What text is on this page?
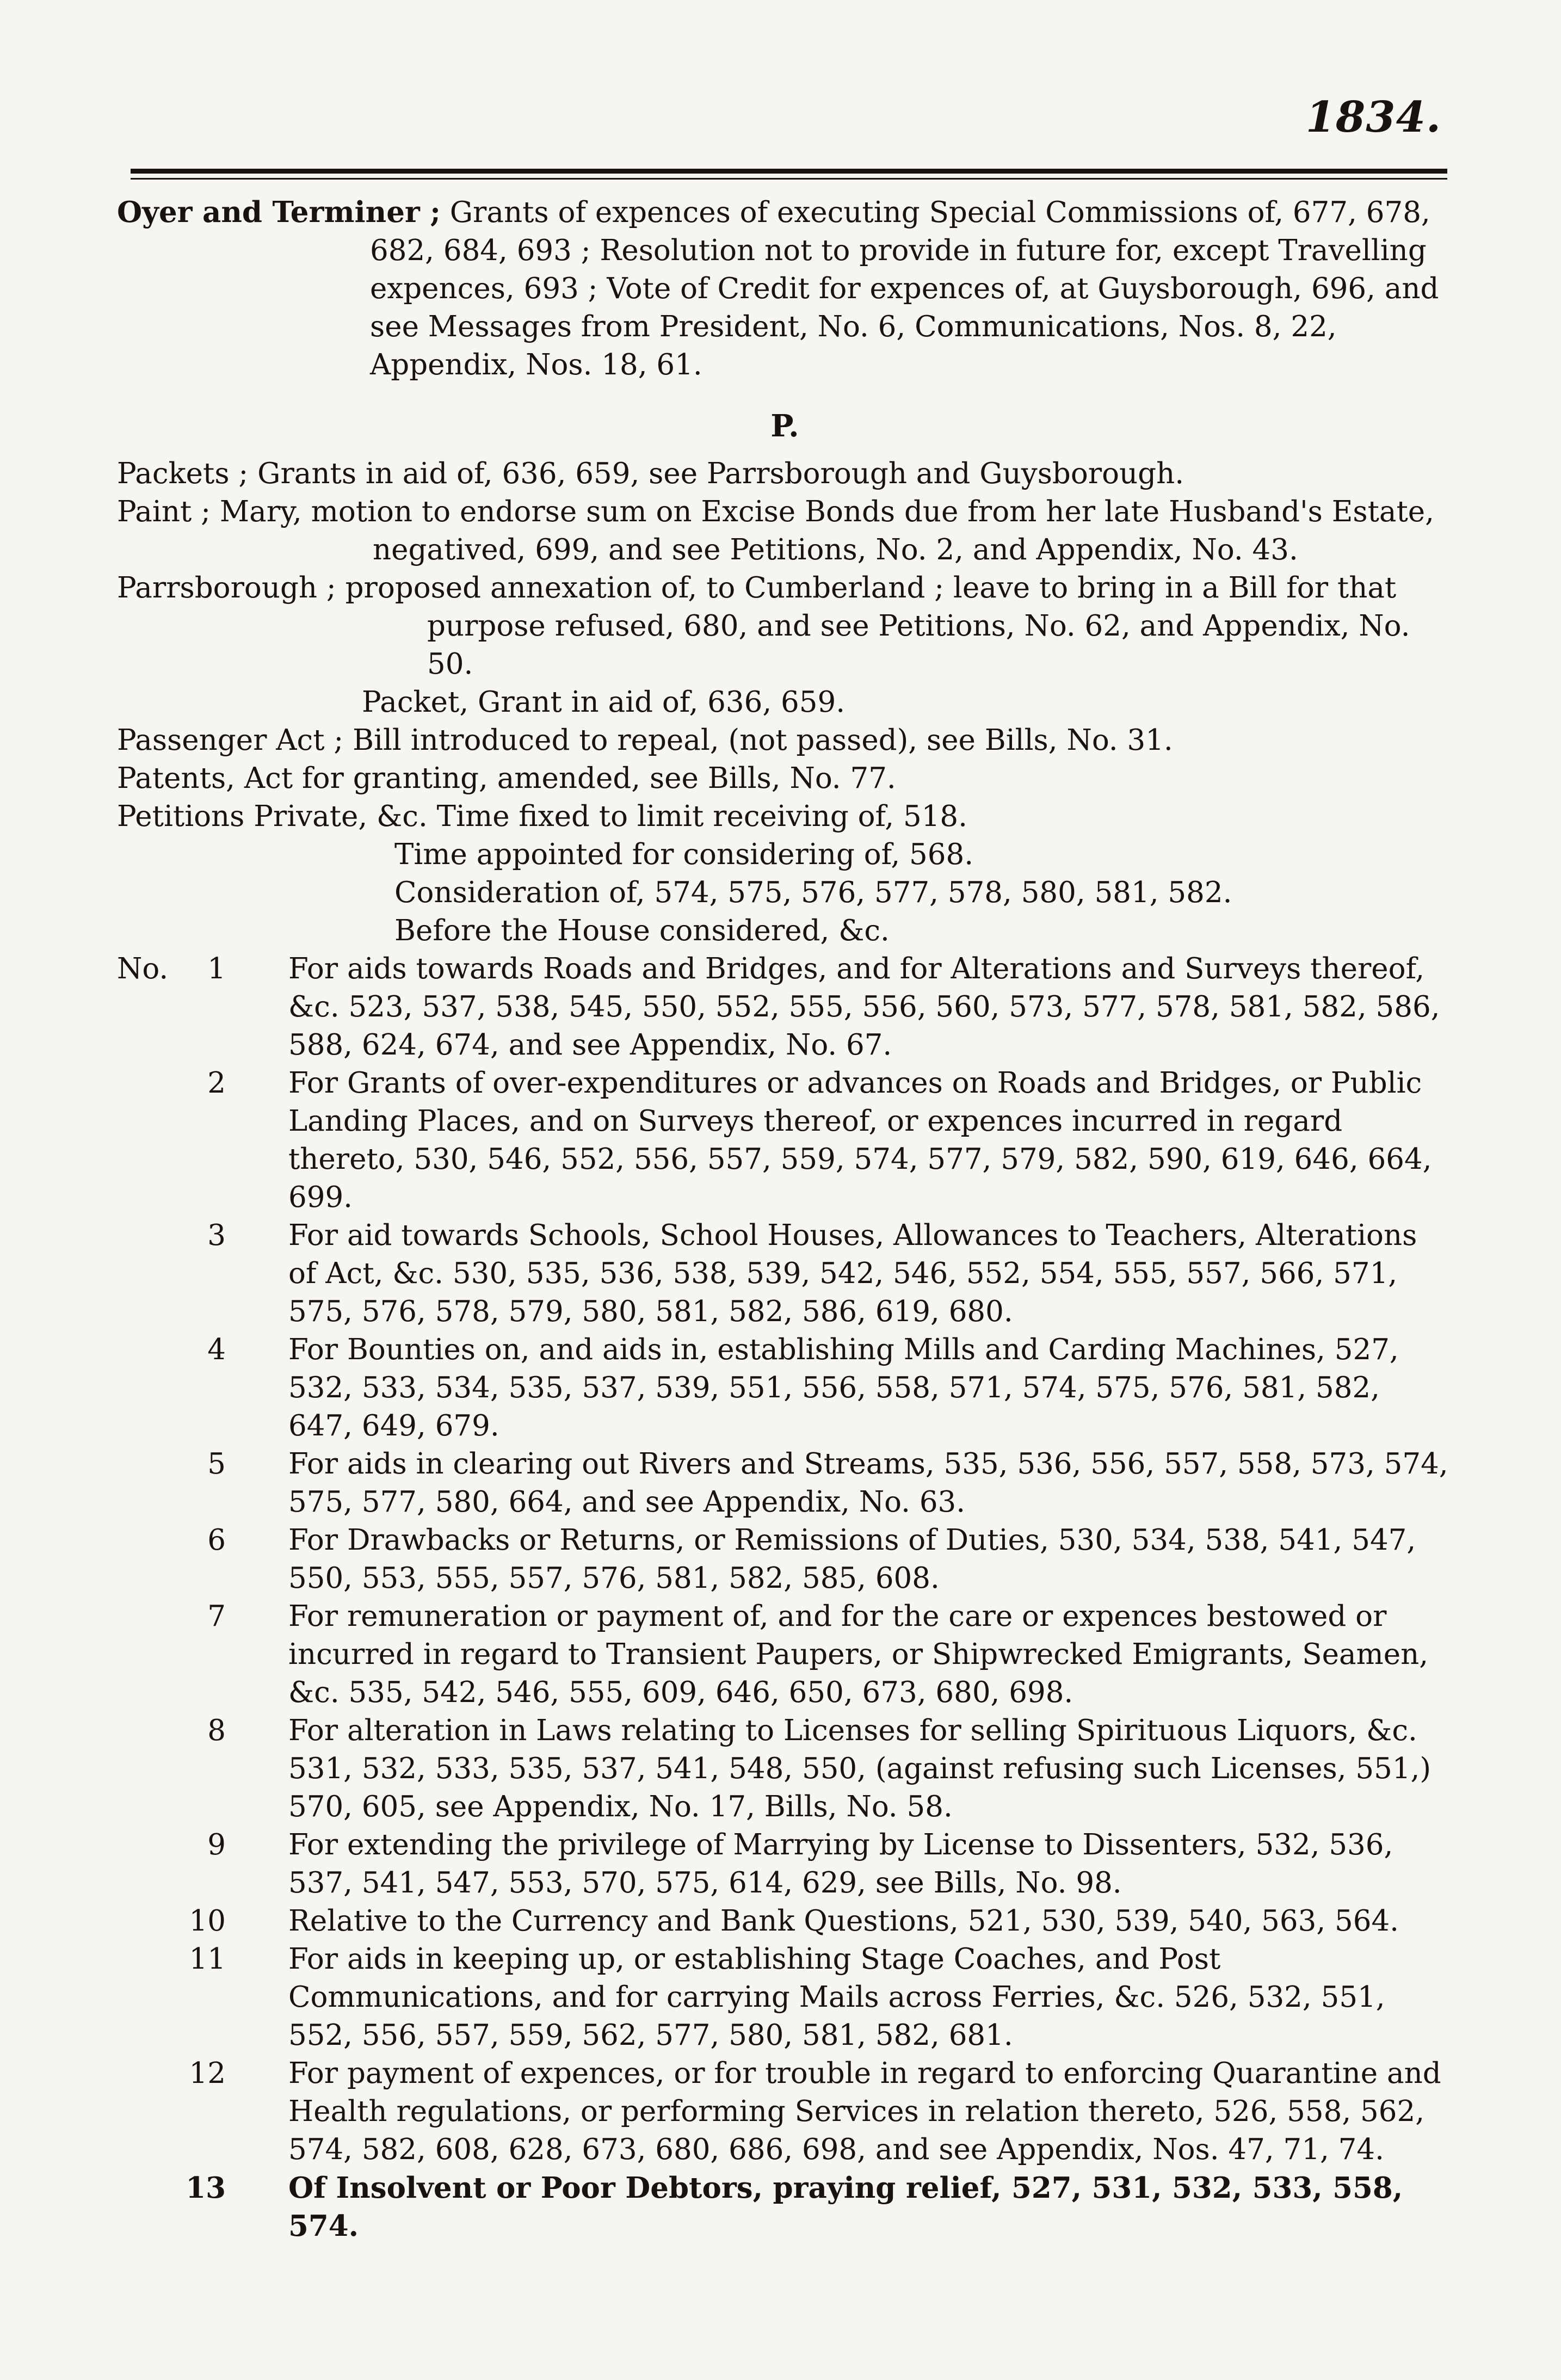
1834.

Oyer and Terminer ; Grants of expences of executing Special Commissions of, 677, 678, 682, 684, 693 ; Resolution not to provide in future for, except Travelling expences, 693 ; Vote of Credit for expences of, at Guysborough, 696, and see Messages from President, No. 6, Communications, Nos. 8, 22, Appendix, Nos. 18, 61.

P.

Packets ; Grants in aid of, 636, 659, see Parrsborough and Guysborough.

Paint ; Mary, motion to endorse sum on Excise Bonds due from her late Husband's Estate, negatived, 699, and see Petitions, No. 2, and Appendix, No. 43.

Parrsborough ; proposed annexation of, to Cumberland ; leave to bring in a Bill for that purpose refused, 680, and see Petitions, No. 62, and Appendix, No. 50.

Packet, Grant in aid of, 636, 659.

Passenger Act ; Bill introduced to repeal, (not passed), see Bills, No. 31.

Patents, Act for granting, amended, see Bills, No. 77.

Petitions Private, &c. Time fixed to limit receiving of, 518.

Time appointed for considering of, 568.

Consideration of, 574, 575, 576, 577, 578, 580, 581, 582.

Before the House considered, &c.

No.	1 For aids towards Roads and Bridges, and for Alterations and Surveys thereof, &c. 523, 537, 538, 545, 550, 552, 555, 556, 560, 573, 577, 578, 581, 582, 586, 588, 624, 674, and see Appendix, No. 67.
2 For Grants of over-expenditures or advances on Roads and Bridges, or Public Landing Places, and on Surveys thereof, or expences incurred in regard thereto, 530, 546, 552, 556, 557, 559, 574, 577, 579, 582, 590, 619, 646, 664, 699.
3 For aid towards Schools, School Houses, Allowances to Teachers, Alterations of Act, &c. 530, 535, 536, 538, 539, 542, 546, 552, 554, 555, 557, 566, 571, 575, 576, 578, 579, 580, 581, 582, 586, 619, 680.
4 For Bounties on, and aids in, establishing Mills and Carding Machines, 527, 532, 533, 534, 535, 537, 539, 551, 556, 558, 571, 574, 575, 576, 581, 582, 647, 649, 679.
5 For aids in clearing out Rivers and Streams, 535, 536, 556, 557, 558, 573, 574, 575, 577, 580, 664, and see Appendix, No. 63.
6 For Drawbacks or Returns, or Remissions of Duties, 530, 534, 538, 541, 547, 550, 553, 555, 557, 576, 581, 582, 585, 608.
7 For remuneration or payment of, and for the care or expences bestowed or incurred in regard to Transient Paupers, or Shipwrecked Emigrants, Seamen, &c. 535, 542, 546, 555, 609, 646, 650, 673, 680, 698.
8 For alteration in Laws relating to Licenses for selling Spirituous Liquors, &c. 531, 532, 533, 535, 537, 541, 548, 550, (against refusing such Licenses, 551,) 570, 605, see Appendix, No. 17, Bills, No. 58.
9 For extending the privilege of Marrying by License to Dissenters, 532, 536, 537, 541, 547, 553, 570, 575, 614, 629, see Bills, No. 98.
10 Relative to the Currency and Bank Questions, 521, 530, 539, 540, 563, 564.
11 For aids in keeping up, or establishing Stage Coaches, and Post Communications, and for carrying Mails across Ferries, &c. 526, 532, 551, 552, 556, 557, 559, 562, 577, 580, 581, 582, 681.
12 For payment of expences, or for trouble in regard to enforcing Quarantine and Health regulations, or performing Services in relation thereto, 526, 558, 562, 574, 582, 608, 628, 673, 680, 686, 698, and see Appendix, Nos. 47, 71, 74.
13 Of Insolvent or Poor Debtors, praying relief, 527, 531, 532, 533, 558, 574.
